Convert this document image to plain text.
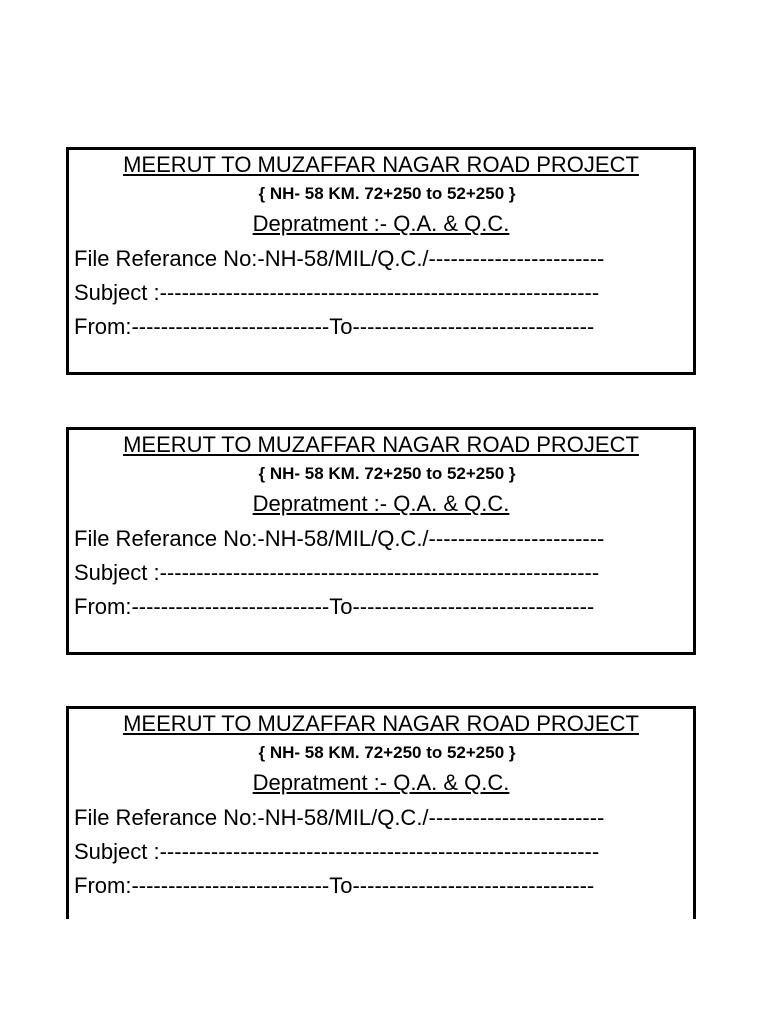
MEERUT TO MUZAFFAR NAGAR ROAD PROJECT
{ NH- 58 KM. 72+250 to 52+250 }
Depratment :- Q.A. & Q.C.
File Referance No:-NH-58/MIL/Q.C./------------------------
Subject :------------------------------------------------------------
From:---------------------------To---------------------------------
MEERUT TO MUZAFFAR NAGAR ROAD PROJECT
{ NH- 58 KM. 72+250 to 52+250 }
Depratment :- Q.A. & Q.C.
File Referance No:-NH-58/MIL/Q.C./------------------------
Subject :------------------------------------------------------------
From:---------------------------To---------------------------------
MEERUT TO MUZAFFAR NAGAR ROAD PROJECT
{ NH- 58 KM. 72+250 to 52+250 }
Depratment :- Q.A. & Q.C.
File Referance No:-NH-58/MIL/Q.C./------------------------
Subject :------------------------------------------------------------
From:---------------------------To---------------------------------
